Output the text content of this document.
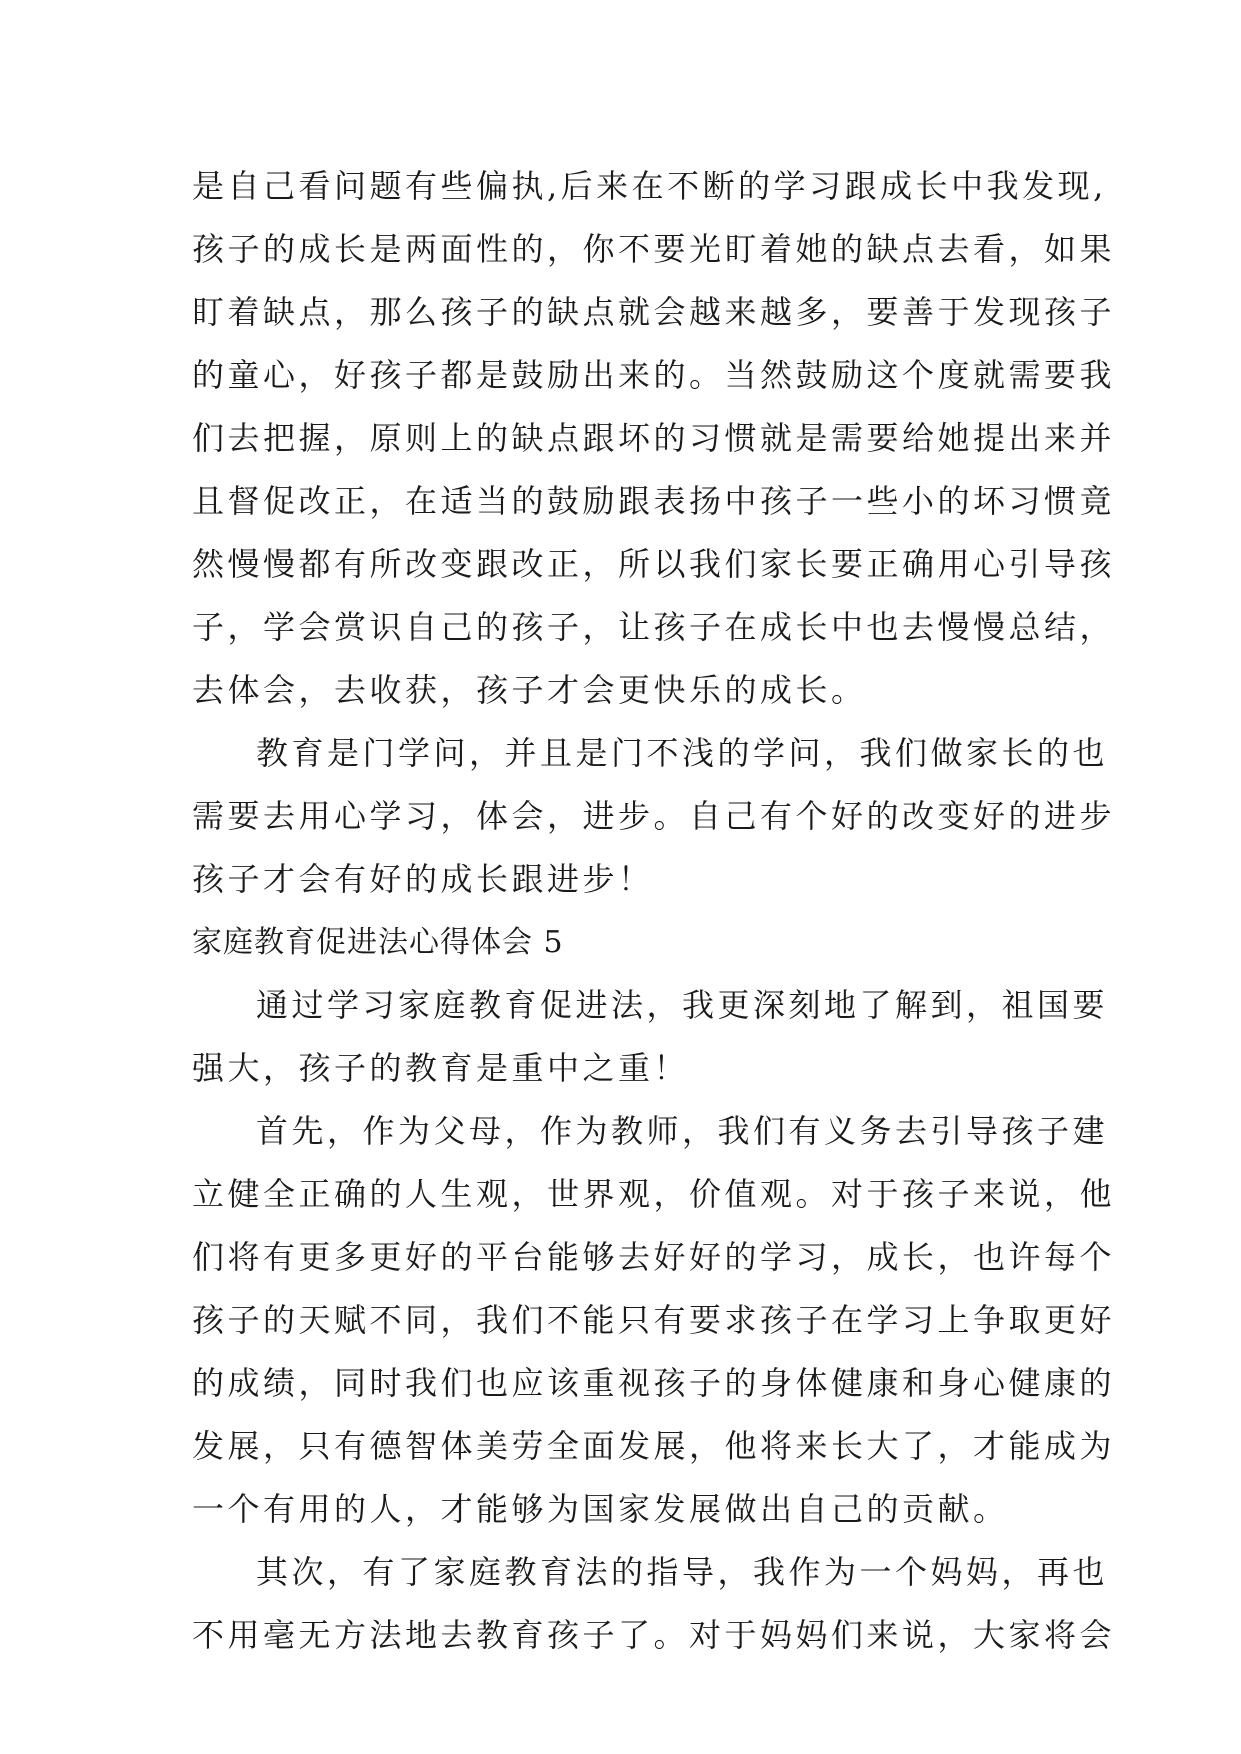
是自己看问题有些偏执,后来在不断的学习跟成长中我发现,
孩子的成长是两面性的，你不要光盯着她的缺点去看，如果
盯着缺点，那么孩子的缺点就会越来越多，要善于发现孩子
的童心，好孩子都是鼓励出来的。当然鼓励这个度就需要我
们去把握，原则上的缺点跟坏的习惯就是需要给她提出来并
且督促改正，在适当的鼓励跟表扬中孩子一些小的坏习惯竟
然慢慢都有所改变跟改正，所以我们家长要正确用心引导孩
子，学会赏识自己的孩子，让孩子在成长中也去慢慢总结，
去体会，去收获，孩子才会更快乐的成长。
教育是门学问，并且是门不浅的学问，我们做家长的也
需要去用心学习，体会，进步。自己有个好的改变好的进步
孩子才会有好的成长跟进步！
家庭教育促进法心得体会 5
通过学习家庭教育促进法，我更深刻地了解到，祖国要
强大，孩子的教育是重中之重！
首先，作为父母，作为教师，我们有义务去引导孩子建
立健全正确的人生观，世界观，价值观。对于孩子来说，他
们将有更多更好的平台能够去好好的学习，成长，也许每个
孩子的天赋不同，我们不能只有要求孩子在学习上争取更好
的成绩，同时我们也应该重视孩子的身体健康和身心健康的
发展，只有德智体美劳全面发展，他将来长大了，才能成为
一个有用的人，才能够为国家发展做出自己的贡献。
其次，有了家庭教育法的指导，我作为一个妈妈，再也
不用毫无方法地去教育孩子了。对于妈妈们来说，大家将会
